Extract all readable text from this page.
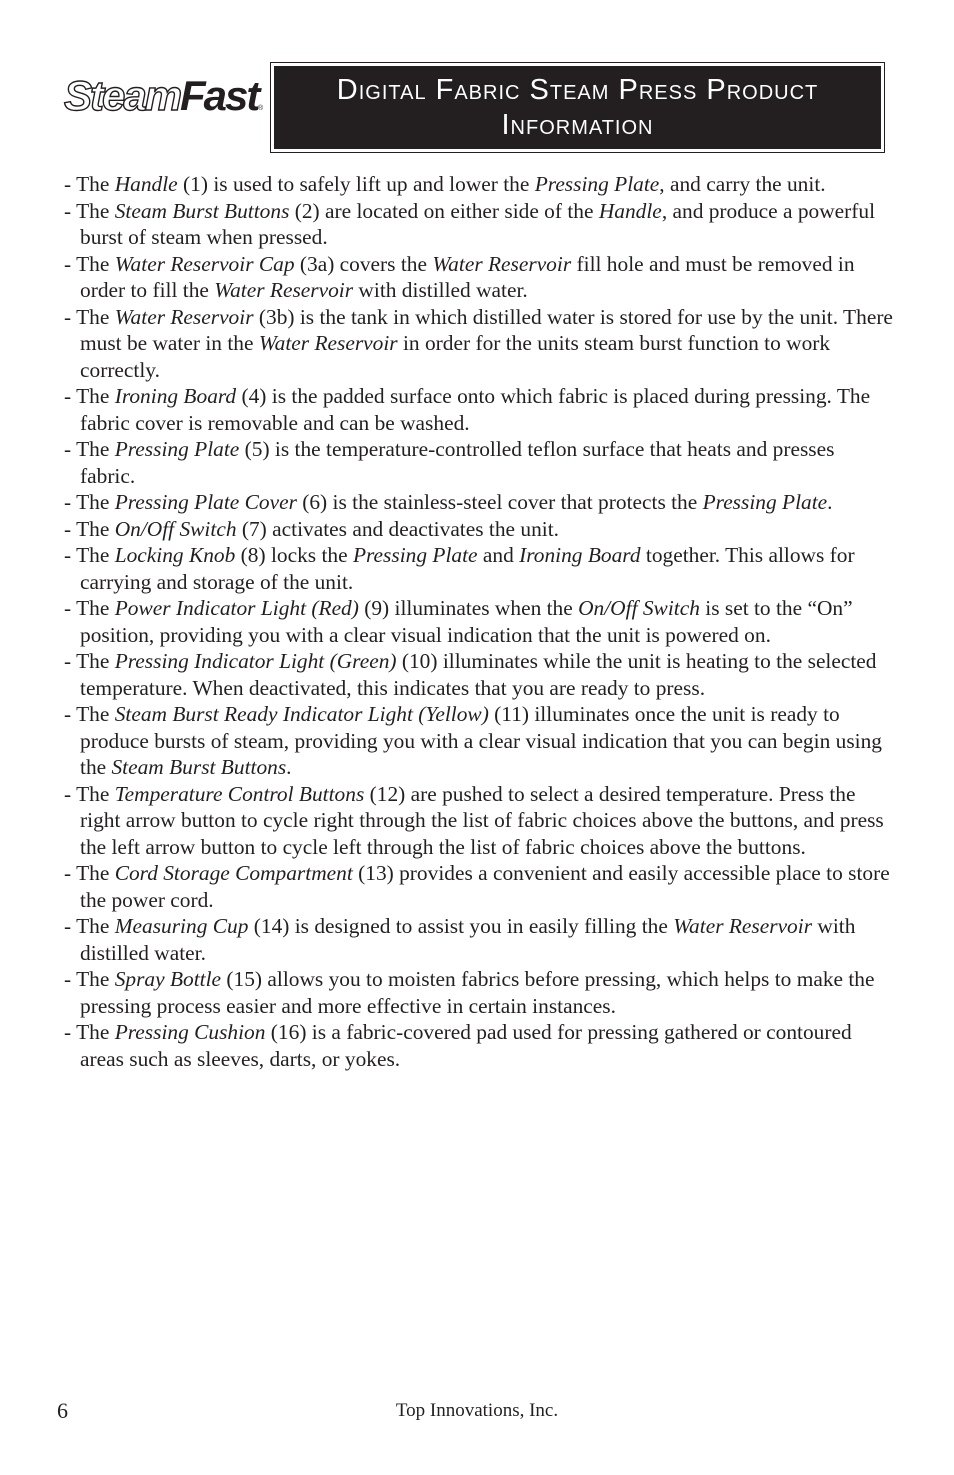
Steam Fast ®
Digital Fabric Steam Press Product Information
- The Handle (1) is used to safely lift up and lower the Pressing Plate, and carry the unit.
- The Steam Burst Buttons (2) are located on either side of the Handle, and produce a powerful burst of steam when pressed.
- The Water Reservoir Cap (3a) covers the Water Reservoir fill hole and must be removed in order to fill the Water Reservoir with distilled water.
- The Water Reservoir (3b) is the tank in which distilled water is stored for use by the unit. There must be water in the Water Reservoir in order for the units steam burst function to work correctly.
- The Ironing Board (4) is the padded surface onto which fabric is placed during pressing. The fabric cover is removable and can be washed.
- The Pressing Plate (5) is the temperature-controlled teflon surface that heats and presses fabric.
- The Pressing Plate Cover (6) is the stainless-steel cover that protects the Pressing Plate.
- The On/Off Switch (7) activates and deactivates the unit.
- The Locking Knob (8) locks the Pressing Plate and Ironing Board together. This allows for carrying and storage of the unit.
- The Power Indicator Light (Red) (9) illuminates when the On/Off Switch is set to the “On” position, providing you with a clear visual indication that the unit is powered on.
- The Pressing Indicator Light (Green) (10) illuminates while the unit is heating to the selected temperature. When deactivated, this indicates that you are ready to press.
- The Steam Burst Ready Indicator Light (Yellow) (11) illuminates once the unit is ready to produce bursts of steam, providing you with a clear visual indication that you can begin using the Steam Burst Buttons.
- The Temperature Control Buttons (12) are pushed to select a desired temperature. Press the right arrow button to cycle right through the list of fabric choices above the buttons, and press the left arrow button to cycle left through the list of fabric choices above the buttons.
- The Cord Storage Compartment (13) provides a convenient and easily accessible place to store the power cord.
- The Measuring Cup (14) is designed to assist you in easily filling the Water Reservoir with distilled water.
- The Spray Bottle (15) allows you to moisten fabrics before pressing, which helps to make the pressing process easier and more effective in certain instances.
- The Pressing Cushion (16) is a fabric-covered pad used for pressing gathered or contoured areas such as sleeves, darts, or yokes.
6	Top Innovations, Inc.
